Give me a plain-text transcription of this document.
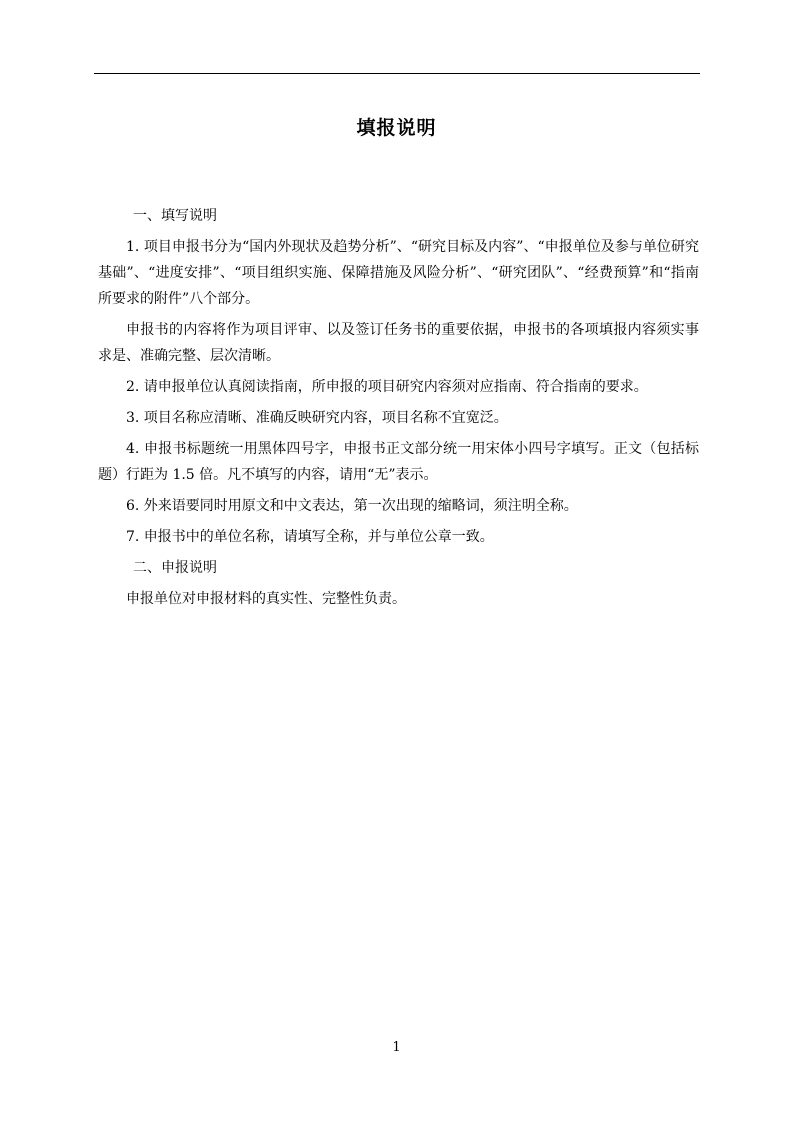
填报说明
一、填写说明
1. 项目申报书分为“国内外现状及趋势分析”、“研究目标及内容”、“申报单位及参与单位研究基础”、“进度安排”、“项目组织实施、保障措施及风险分析”、“研究团队”、“经费预算”和“指南所要求的附件”八个部分。
申报书的内容将作为项目评审、以及签订任务书的重要依据，申报书的各项填报内容须实事求是、准确完整、层次清晰。
2. 请申报单位认真阅读指南，所申报的项目研究内容须对应指南、符合指南的要求。
3. 项目名称应清晰、准确反映研究内容，项目名称不宜宽泛。
4. 申报书标题统一用黑体四号字，申报书正文部分统一用宋体小四号字填写。正文（包括标题）行距为 1.5 倍。凡不填写的内容，请用“无”表示。
6. 外来语要同时用原文和中文表达，第一次出现的缩略词，须注明全称。
7. 申报书中的单位名称，请填写全称，并与单位公章一致。
二、申报说明
申报单位对申报材料的真实性、完整性负责。
1
